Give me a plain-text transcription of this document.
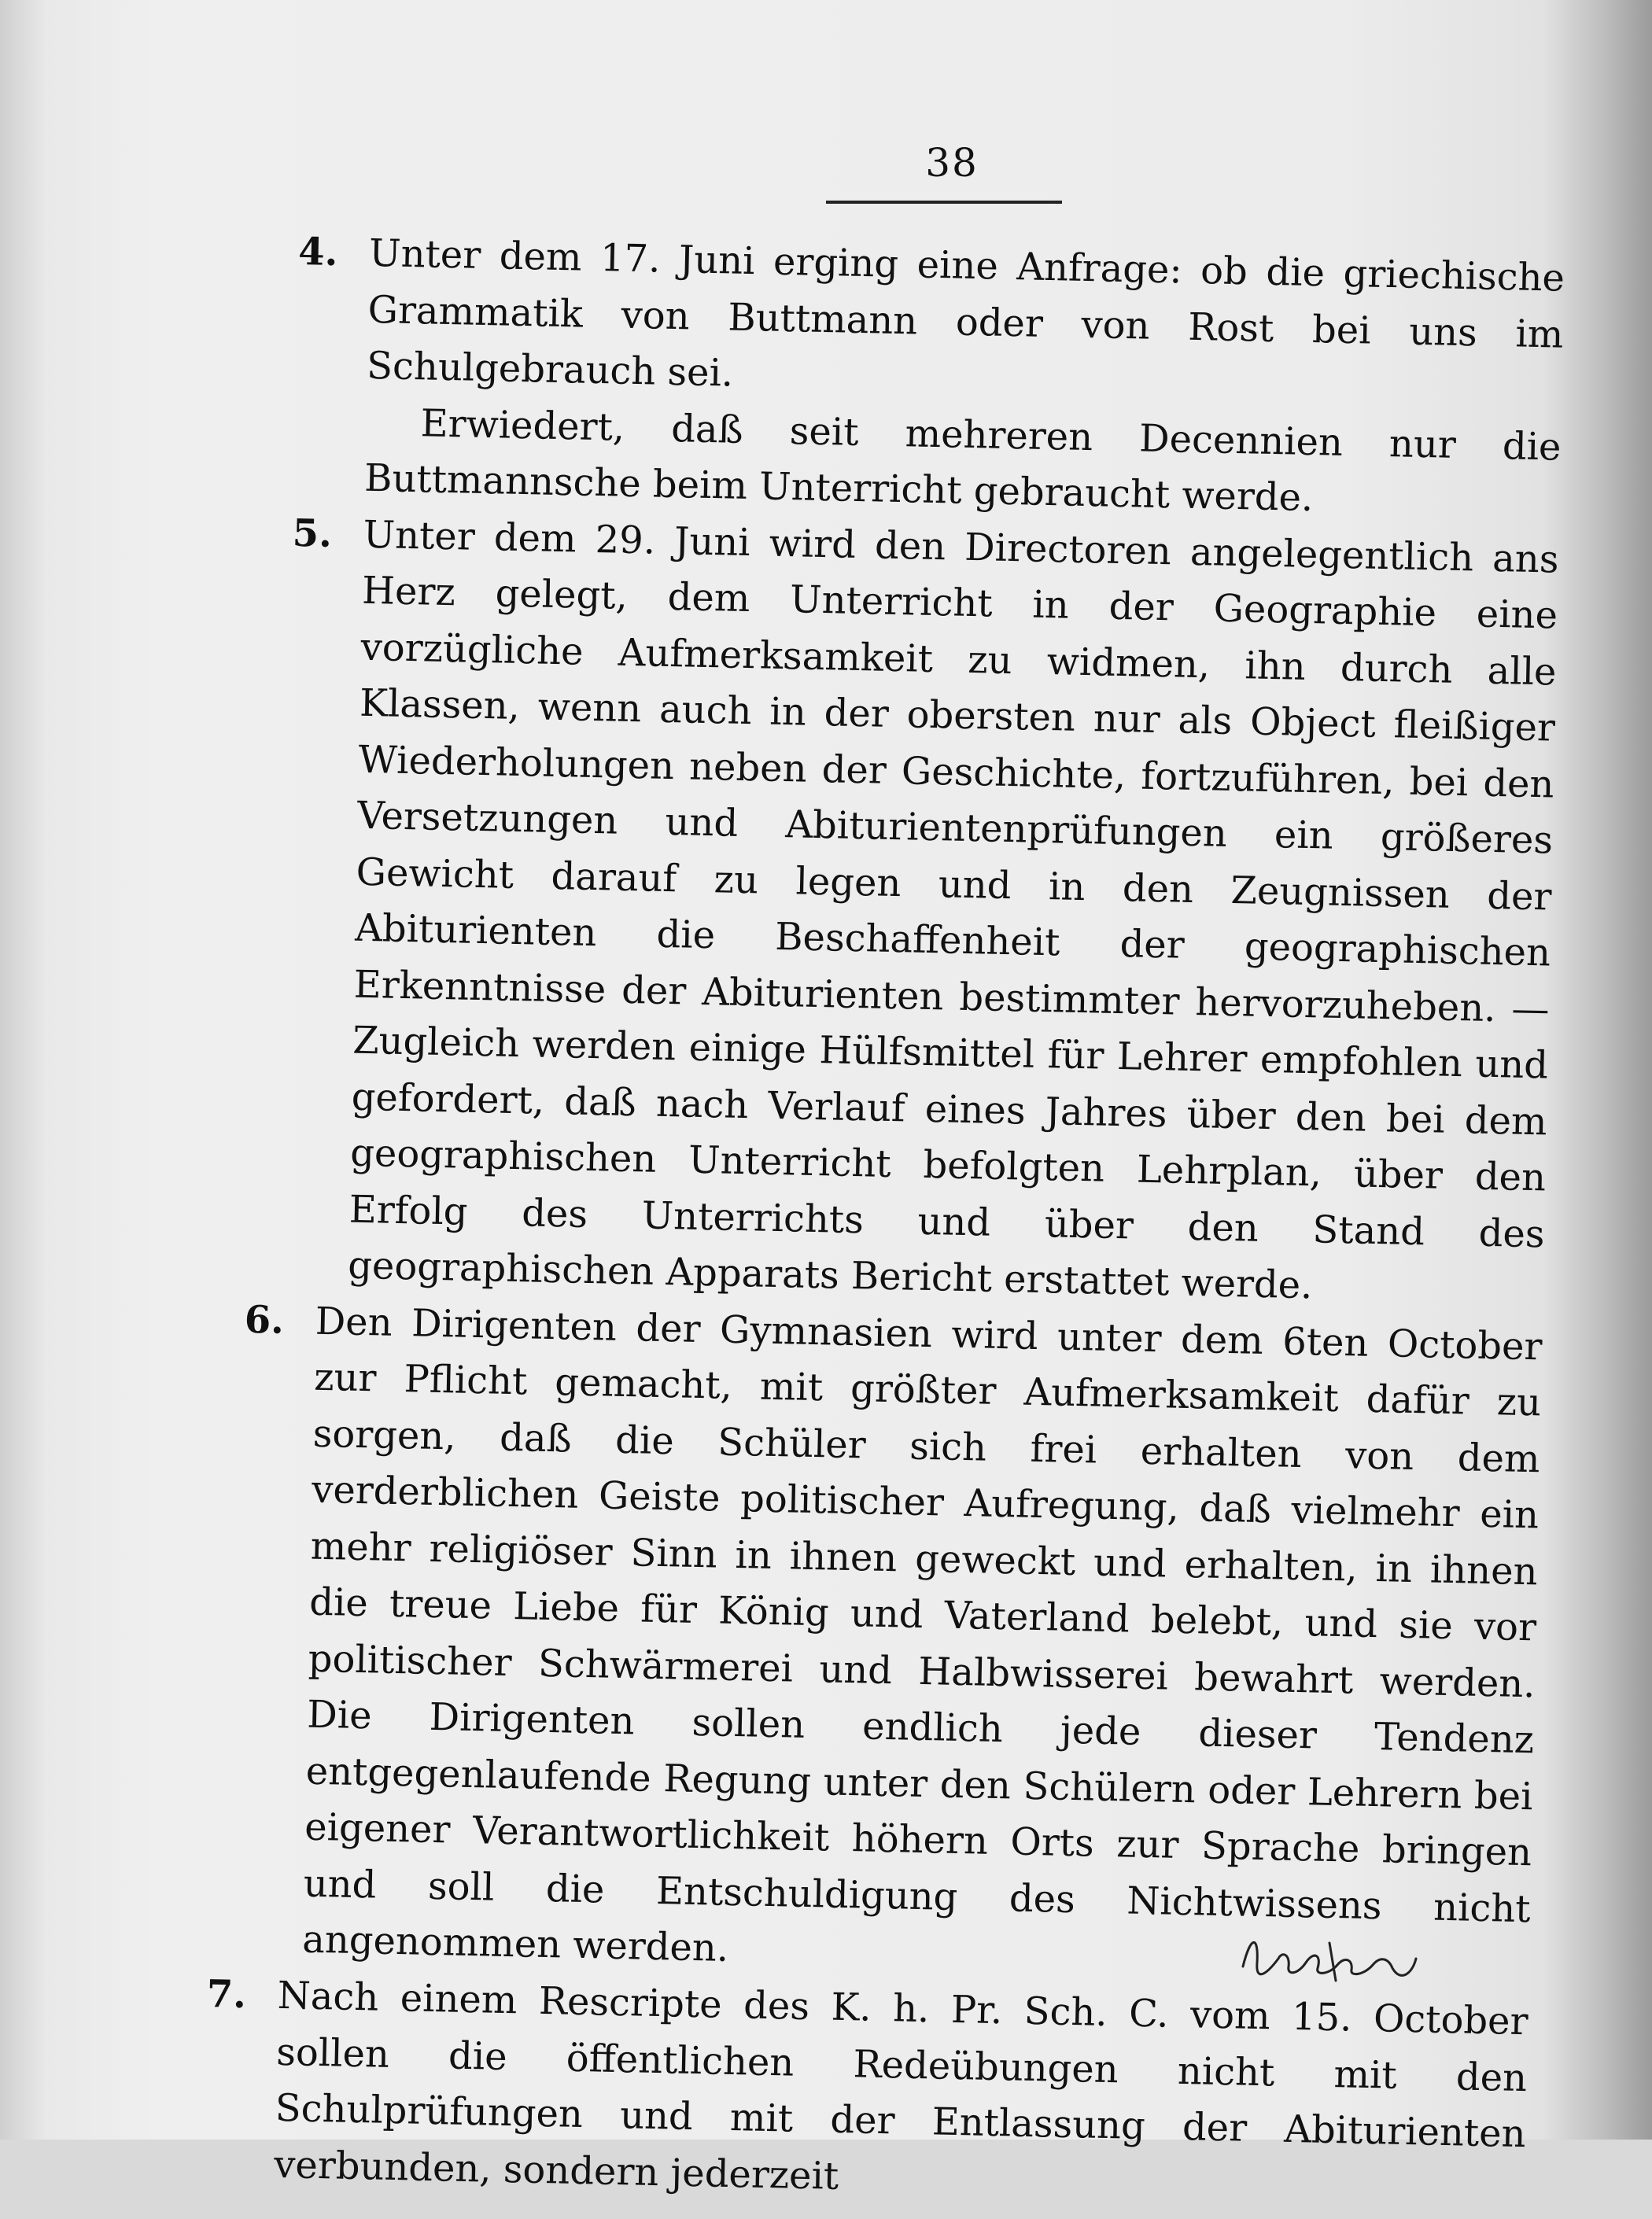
38
4. Unter dem 17. Juni erging eine Anfrage: ob die griechische Grammatik von Buttmann oder von Rost bei uns im Schulgebrauch sei.

Erwiedert, daß seit mehreren Decennien nur die Buttmannsche beim Unterricht gebraucht werde.

5. Unter dem 29. Juni wird den Directoren angelegentlich ans Herz gelegt, dem Unterricht in der Geographie eine vorzügliche Aufmerksamkeit zu widmen, ihn durch alle Klassen, wenn auch in der obersten nur als Object fleißiger Wiederholungen neben der Geschichte, fortzuführen, bei den Versetzungen und Abiturientenprüfungen ein größeres Gewicht darauf zu legen und in den Zeugnissen der Abiturienten die Beschaffenheit der geographischen Erkenntnisse der Abiturienten bestimmter hervorzuheben. — Zugleich werden einige Hülfsmittel für Lehrer empfohlen und gefordert, daß nach Verlauf eines Jahres über den bei dem geographischen Unterricht befolgten Lehrplan, über den Erfolg des Unterrichts und über den Stand des geographischen Apparats Bericht erstattet werde.

6. Den Dirigenten der Gymnasien wird unter dem 6ten October zur Pflicht gemacht, mit größter Aufmerksamkeit dafür zu sorgen, daß die Schüler sich frei erhalten von dem verderblichen Geiste politischer Aufregung, daß vielmehr ein mehr religiöser Sinn in ihnen geweckt und erhalten, in ihnen die treue Liebe für König und Vaterland belebt, und sie vor politischer Schwärmerei und Halbwisserei bewahrt werden. Die Dirigenten sollen endlich jede dieser Tendenz entgegenlaufende Regung unter den Schülern oder Lehrern bei eigener Verantwortlichkeit höhern Orts zur Sprache bringen und soll die Entschuldigung des Nichtwissens nicht angenommen werden.

7. Nach einem Rescripte des K. h. Pr. Sch. C. vom 15. October sollen die öffentlichen Redeübungen nicht mit den Schulprüfungen und mit der Entlassung der Abiturienten verbunden, sondern jederzeit
